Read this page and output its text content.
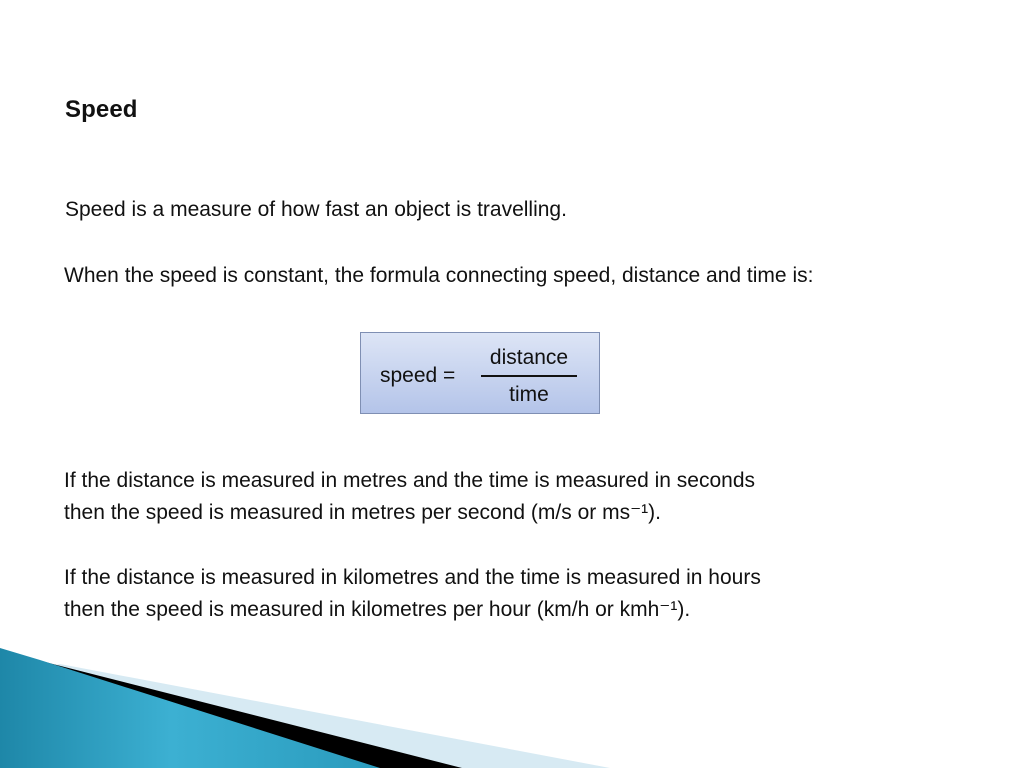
Speed
Speed is a measure of how fast an object is travelling.
When the speed is constant, the formula connecting speed, distance and time is:
speed =
distance
time
If the distance is measured in metres and the time is measured in seconds
then the speed is measured in metres per second (m/s or ms⁻¹).
If the distance is measured in kilometres and the time is measured in hours
then the speed is measured in kilometres per hour (km/h or kmh⁻¹).
